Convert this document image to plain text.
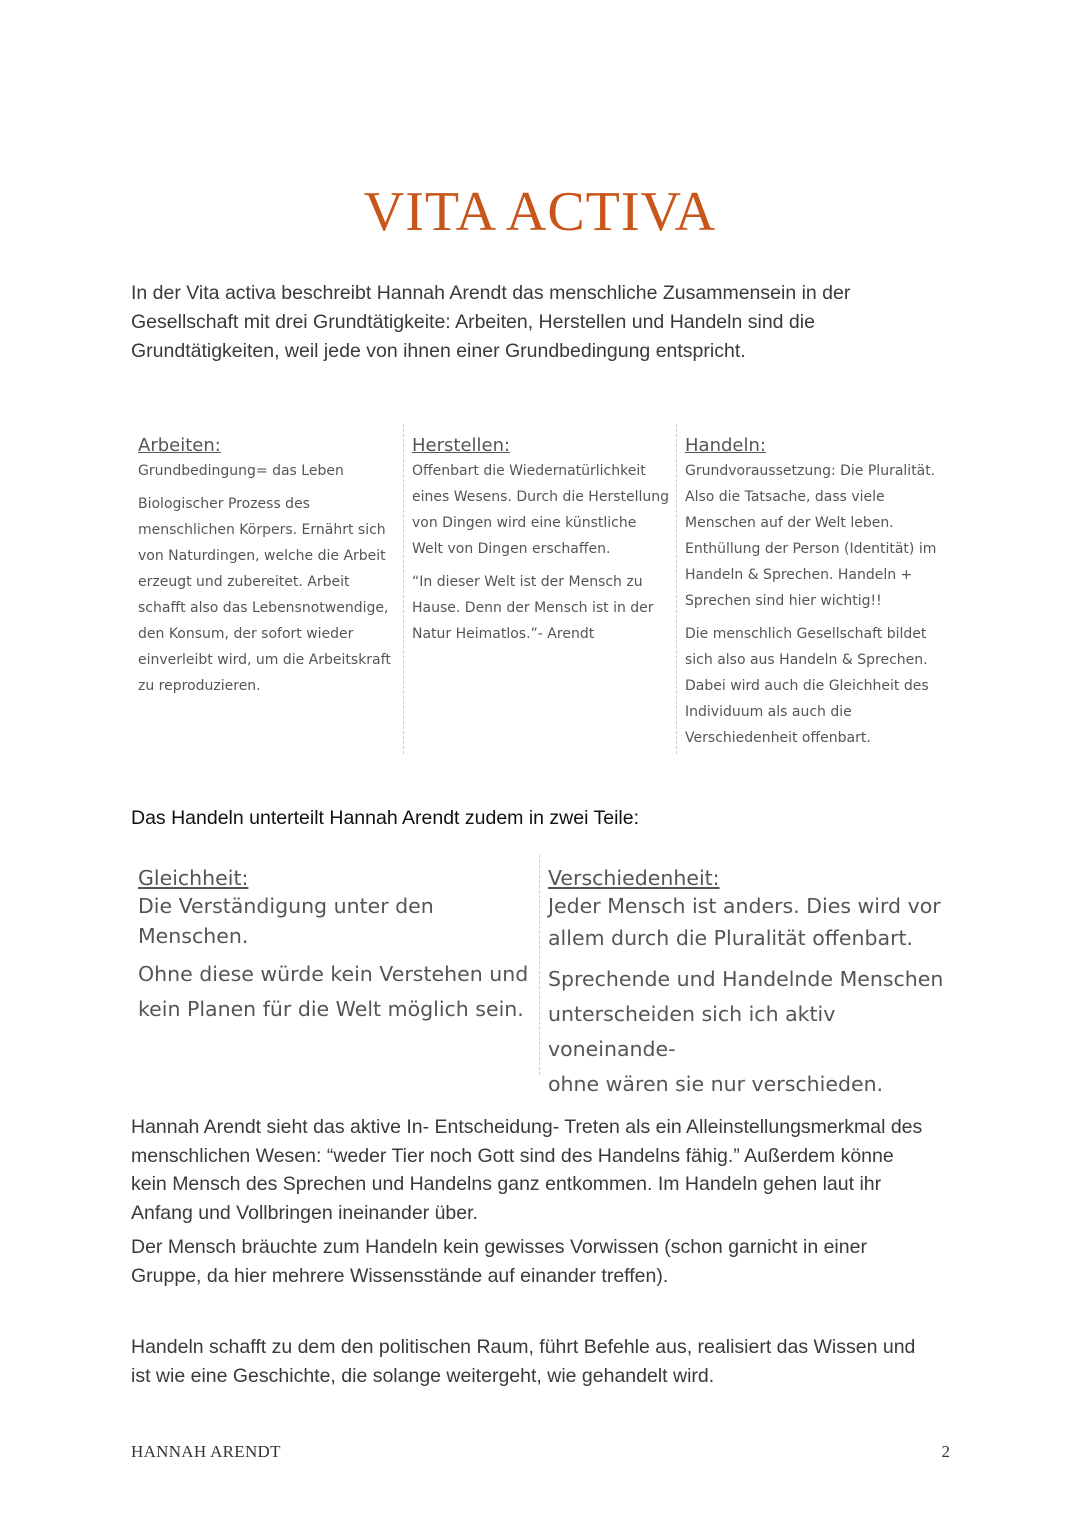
VITA ACTIVA
In der Vita activa beschreibt Hannah Arendt das menschliche Zusammensein in der
Gesellschaft mit drei Grundtätigkeite: Arbeiten, Herstellen und Handeln sind die
Grundtätigkeiten, weil jede von ihnen einer Grundbedingung entspricht.
Arbeiten:

Grundbedingung= das Leben

Biologischer Prozess des

menschlichen Körpers. Ernährt sich

von Naturdingen, welche die Arbeit

erzeugt und zubereitet. Arbeit

schafft also das Lebensnotwendige,

den Konsum, der sofort wieder

einverleibt wird, um die Arbeitskraft

zu reproduzieren.

Herstellen:

Offenbart die Wiedernatürlichkeit

eines Wesens. Durch die Herstellung

von Dingen wird eine künstliche

Welt von Dingen erschaffen.

“In dieser Welt ist der Mensch zu

Hause. Denn der Mensch ist in der

Natur Heimatlos.”- Arendt

Handeln:

Grundvoraussetzung: Die Pluralität.

Also die Tatsache, dass viele

Menschen auf der Welt leben.

Enthüllung der Person (Identität) im

Handeln & Sprechen. Handeln +

Sprechen sind hier wichtig!!

Die menschlich Gesellschaft bildet

sich also aus Handeln & Sprechen.

Dabei wird auch die Gleichheit des

Individuum als auch die

Verschiedenheit offenbart.

Das Handeln unterteilt Hannah Arendt zudem in zwei Teile:
Gleichheit:

Die Verständigung unter den Menschen.

Ohne diese würde kein Verstehen und

kein Planen für die Welt möglich sein.

Verschiedenheit:

Jeder Mensch ist anders. Dies wird vor

allem durch die Pluralität offenbart.

Sprechende und Handelnde Menschen

unterscheiden sich ich aktiv voneinande-

ohne wären sie nur verschieden.

Hannah Arendt sieht das aktive In- Entscheidung- Treten als ein Alleinstellungsmerkmal des
menschlichen Wesen: “weder Tier noch Gott sind des Handelns fähig.” Außerdem könne
kein Mensch des Sprechen und Handelns ganz entkommen. Im Handeln gehen laut ihr
Anfang und Vollbringen ineinander über.
Der Mensch bräuchte zum Handeln kein gewisses Vorwissen (schon garnicht in einer
Gruppe, da hier mehrere Wissensstände auf einander treffen).
Handeln schafft zu dem den politischen Raum, führt Befehle aus, realisiert das Wissen und
ist wie eine Geschichte, die solange weitergeht, wie gehandelt wird.
HANNAH ARENDT	2
